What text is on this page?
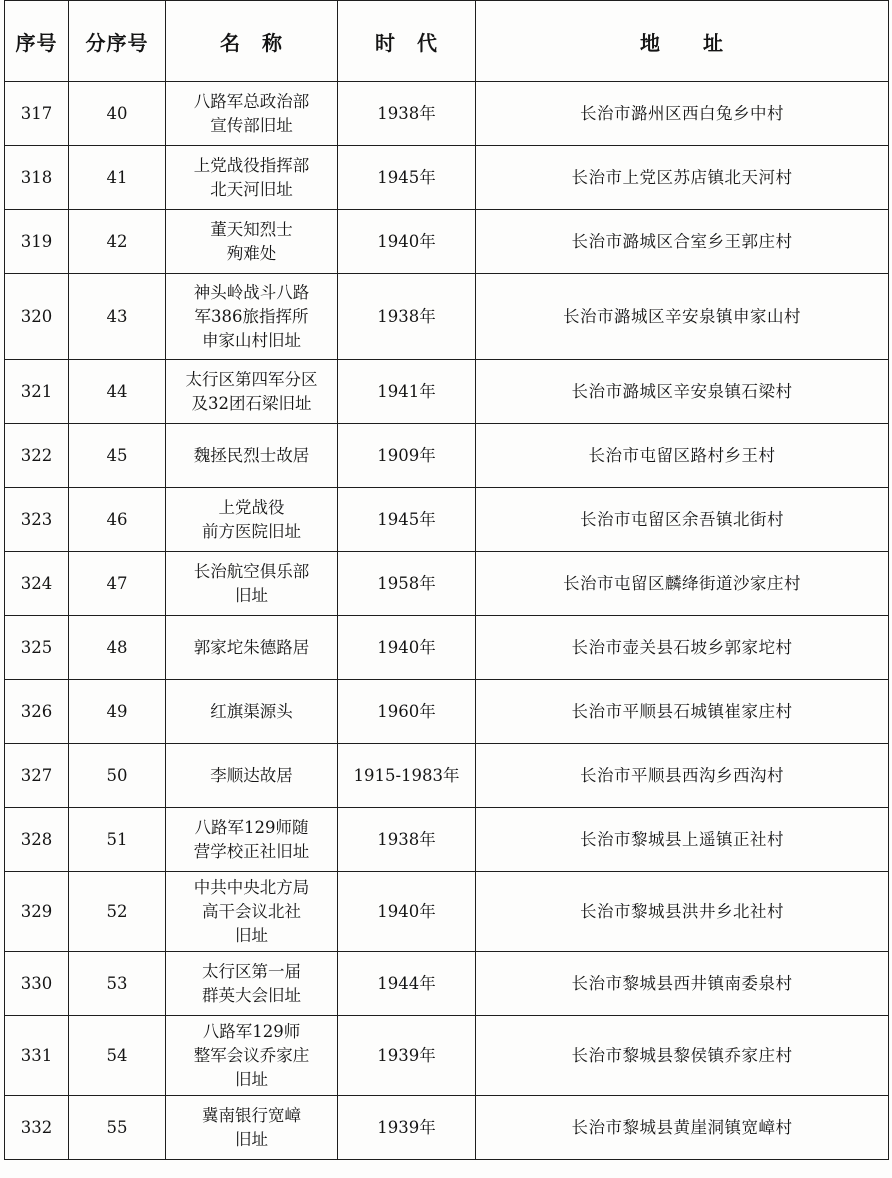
序号	分序号	名　称	时　代	地　　址
317	40	八路军总政治部
宣传部旧址	1938年	长治市潞州区西白兔乡中村
318	41	上党战役指挥部
北天河旧址	1945年	长治市上党区苏店镇北天河村
319	42	董天知烈士
殉难处	1940年	长治市潞城区合室乡王郭庄村
320	43	神头岭战斗八路
军386旅指挥所
申家山村旧址	1938年	长治市潞城区辛安泉镇申家山村
321	44	太行区第四军分区
及32团石梁旧址	1941年	长治市潞城区辛安泉镇石梁村
322	45	魏拯民烈士故居	1909年	长治市屯留区路村乡王村
323	46	上党战役
前方医院旧址	1945年	长治市屯留区余吾镇北街村
324	47	长治航空俱乐部
旧址	1958年	长治市屯留区麟绛街道沙家庄村
325	48	郭家坨朱德路居	1940年	长治市壶关县石坡乡郭家坨村
326	49	红旗渠源头	1960年	长治市平顺县石城镇崔家庄村
327	50	李顺达故居	1915-1983年	长治市平顺县西沟乡西沟村
328	51	八路军129师随
营学校正社旧址	1938年	长治市黎城县上遥镇正社村
329	52	中共中央北方局
高干会议北社
旧址	1940年	长治市黎城县洪井乡北社村
330	53	太行区第一届
群英大会旧址	1944年	长治市黎城县西井镇南委泉村
331	54	八路军129师
整军会议乔家庄
旧址	1939年	长治市黎城县黎侯镇乔家庄村
332	55	冀南银行宽嶂
旧址	1939年	长治市黎城县黄崖洞镇宽嶂村
